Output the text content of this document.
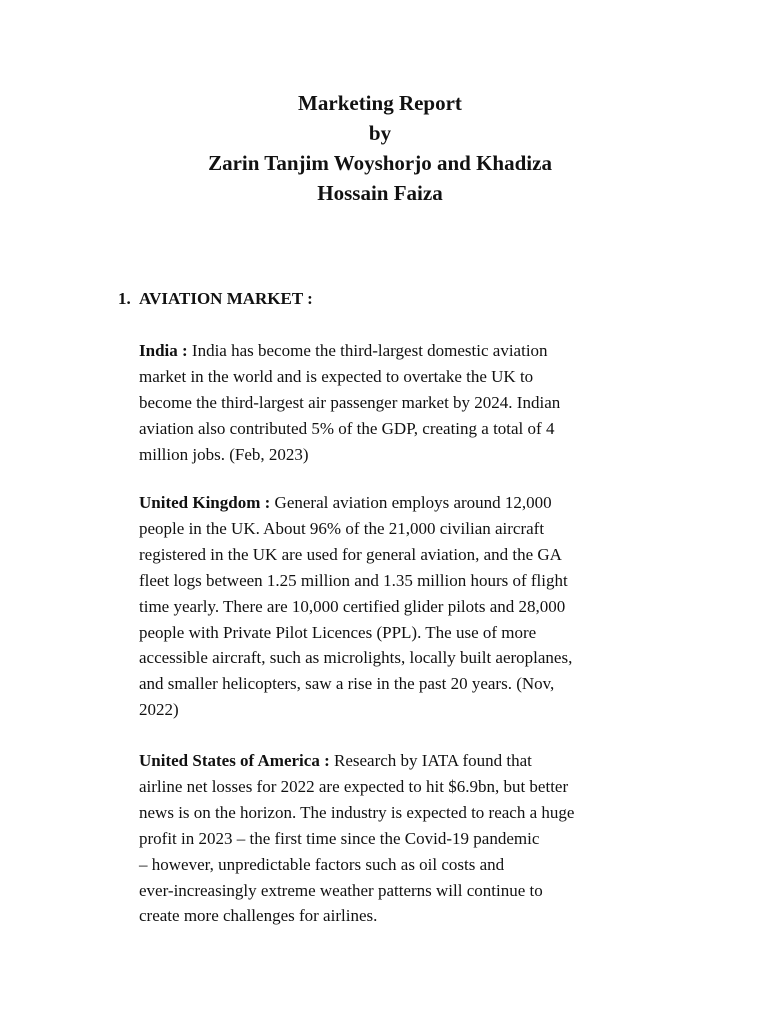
Marketing Report
by
Zarin Tanjim Woyshorjo and Khadiza
Hossain Faiza
1. AVIATION MARKET :
India : India has become the third-largest domestic aviation
market in the world and is expected to overtake the UK to
become the third-largest air passenger market by 2024. Indian
aviation also contributed 5% of the GDP, creating a total of 4
million jobs. (Feb, 2023)
United Kingdom : General aviation employs around 12,000
people in the UK. About 96% of the 21,000 civilian aircraft
registered in the UK are used for general aviation, and the GA
fleet logs between 1.25 million and 1.35 million hours of flight
time yearly. There are 10,000 certified glider pilots and 28,000
people with Private Pilot Licences (PPL). The use of more
accessible aircraft, such as microlights, locally built aeroplanes,
and smaller helicopters, saw a rise in the past 20 years. (Nov,
2022)
United States of America : Research by IATA found that
airline net losses for 2022 are expected to hit $6.9bn, but better
news is on the horizon. The industry is expected to reach a huge
profit in 2023 – the first time since the Covid-19 pandemic
– however, unpredictable factors such as oil costs and
ever-increasingly extreme weather patterns will continue to
create more challenges for airlines.
